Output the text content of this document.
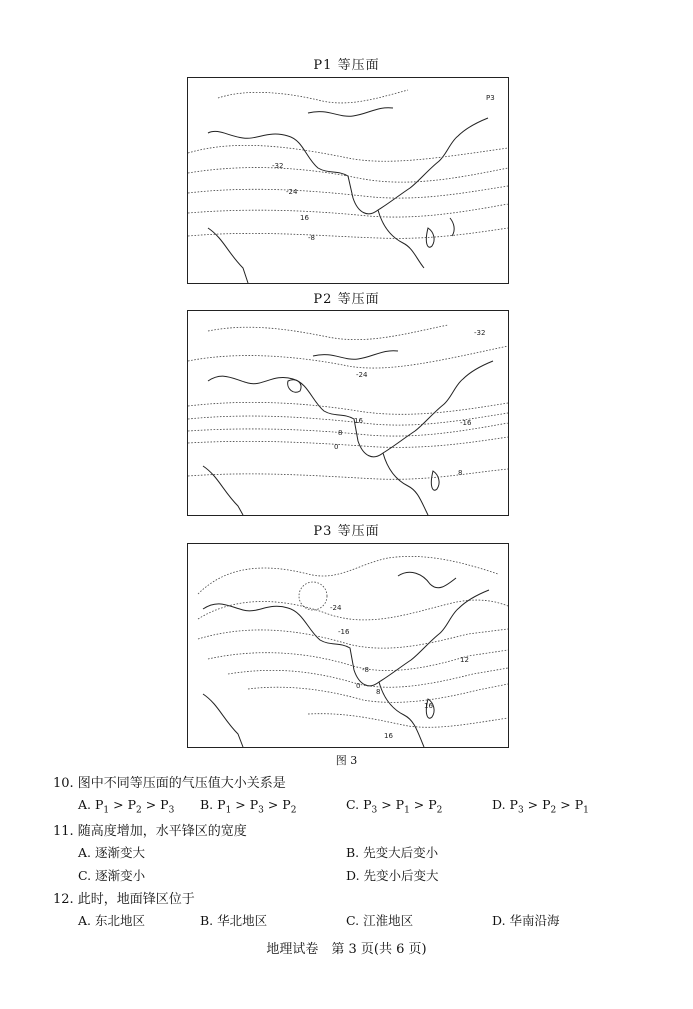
P1 等压面
-32
-24
16
-8
P3
P2 等压面
-32
-24
16
8
0
8
-16
P3 等压面
-24
-16
-8
0
8
16
16
12
图 3
10. 图中不同等压面的气压值大小关系是
A. $P_1 > P_2 > P_3$ B. $P_1 > P_3 > P_2$	C. $P_3 > P_1 > P_2$	D. $P_3 > P_2 > P_1$
11. 随高度增加，水平锋区的宽度
A. 逐渐变大	B. 先变大后变小
C. 逐渐变小	D. 先变小后变大
12. 此时，地面锋区位于
A. 东北地区	B. 华北地区	C. 江淮地区	D. 华南沿海
地理试卷　第 3 页(共 6 页)
